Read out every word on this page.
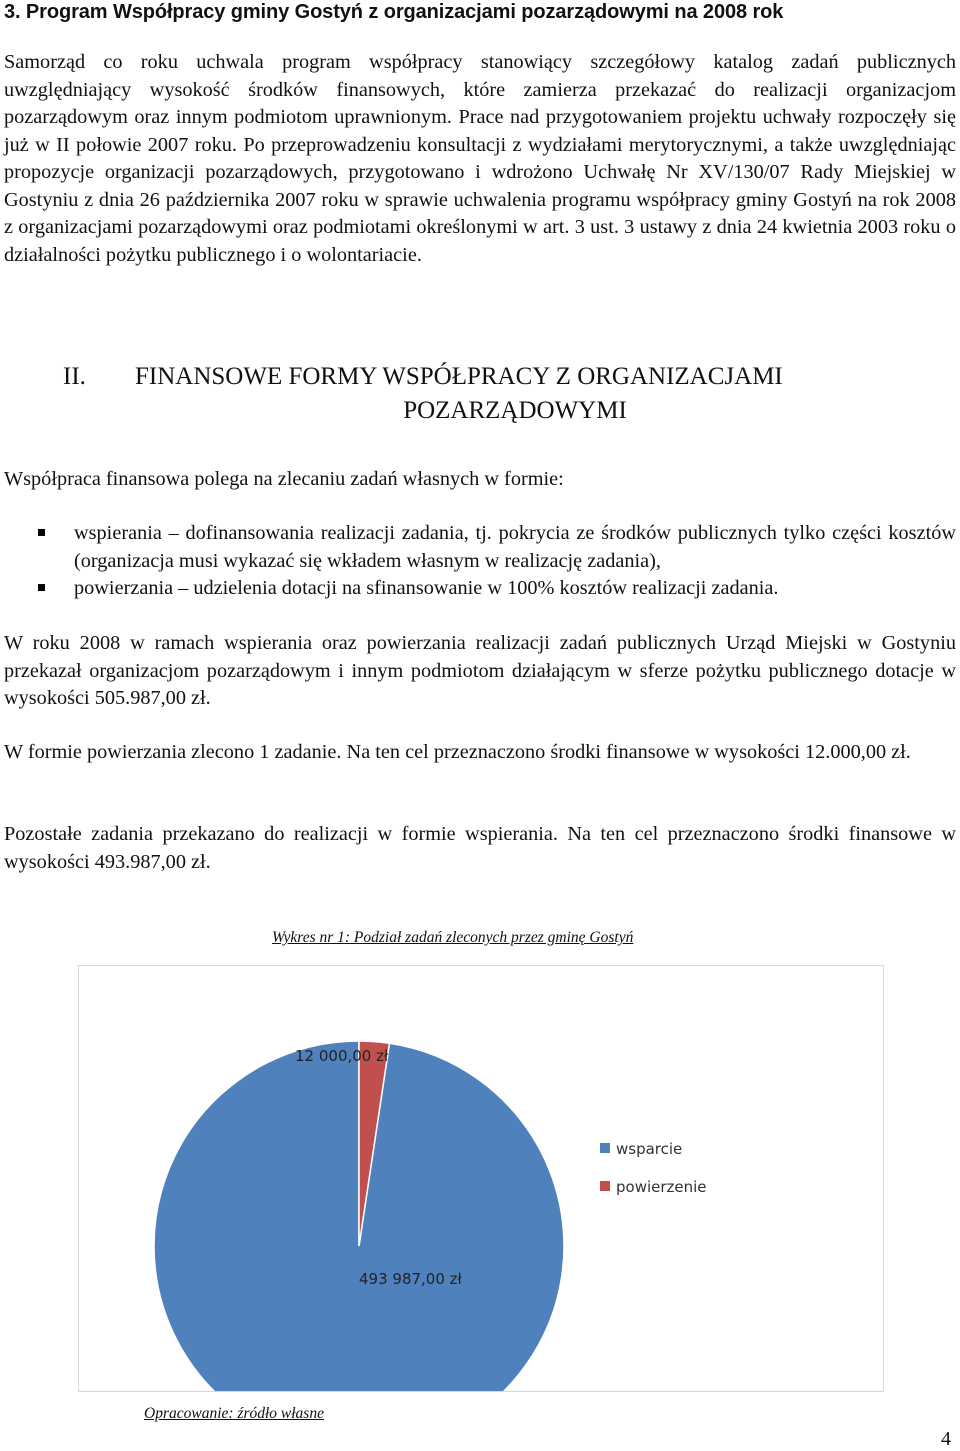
3. Program Współpracy gminy Gostyń z organizacjami pozarządowymi na 2008 rok
Samorząd co roku uchwala program współpracy stanowiący szczegółowy katalog zadań publicznych uwzględniający wysokość środków finansowych, które zamierza przekazać do realizacji organizacjom pozarządowym oraz innym podmiotom uprawnionym. Prace nad przygotowaniem projektu uchwały rozpoczęły się już w II połowie 2007 roku. Po przeprowadzeniu konsultacji z wydziałami merytorycznymi, a także uwzględniając propozycje organizacji pozarządowych, przygotowano i wdrożono Uchwałę Nr XV/130/07 Rady Miejskiej w Gostyniu z dnia 26 października 2007 roku w sprawie uchwalenia programu współpracy gminy Gostyń na rok 2008 z organizacjami pozarządowymi oraz podmiotami określonymi w art. 3 ust. 3 ustawy z dnia 24 kwietnia 2003 roku o działalności pożytku publicznego i o wolontariacie.
II. FINANSOWE FORMY WSPÓŁPRACY Z ORGANIZACJAMI
POZARZĄDOWYMI
Współpraca finansowa polega na zlecaniu zadań własnych w formie:
wspierania – dofinansowania realizacji zadania, tj. pokrycia ze środków publicznych tylko części kosztów (organizacja musi wykazać się wkładem własnym w realizację zadania),
powierzania – udzielenia dotacji na sfinansowanie w 100% kosztów realizacji zadania.
W roku 2008 w ramach wspierania oraz powierzania realizacji zadań publicznych Urząd Miejski w Gostyniu przekazał organizacjom pozarządowym i innym podmiotom działającym w sferze pożytku publicznego dotacje w wysokości 505.987,00 zł.
W formie powierzania zlecono 1 zadanie. Na ten cel przeznaczono środki finansowe w wysokości 12.000,00 zł.
Pozostałe zadania przekazano do realizacji w formie wspierania. Na ten cel przeznaczono środki finansowe w wysokości 493.987,00 zł.
Wykres nr 1: Podział zadań zleconych przez gminę Gostyń
493 987,00 zł
12 000,00 zł
wsparcie
powierzenie
Opracowanie: źródło własne
4
